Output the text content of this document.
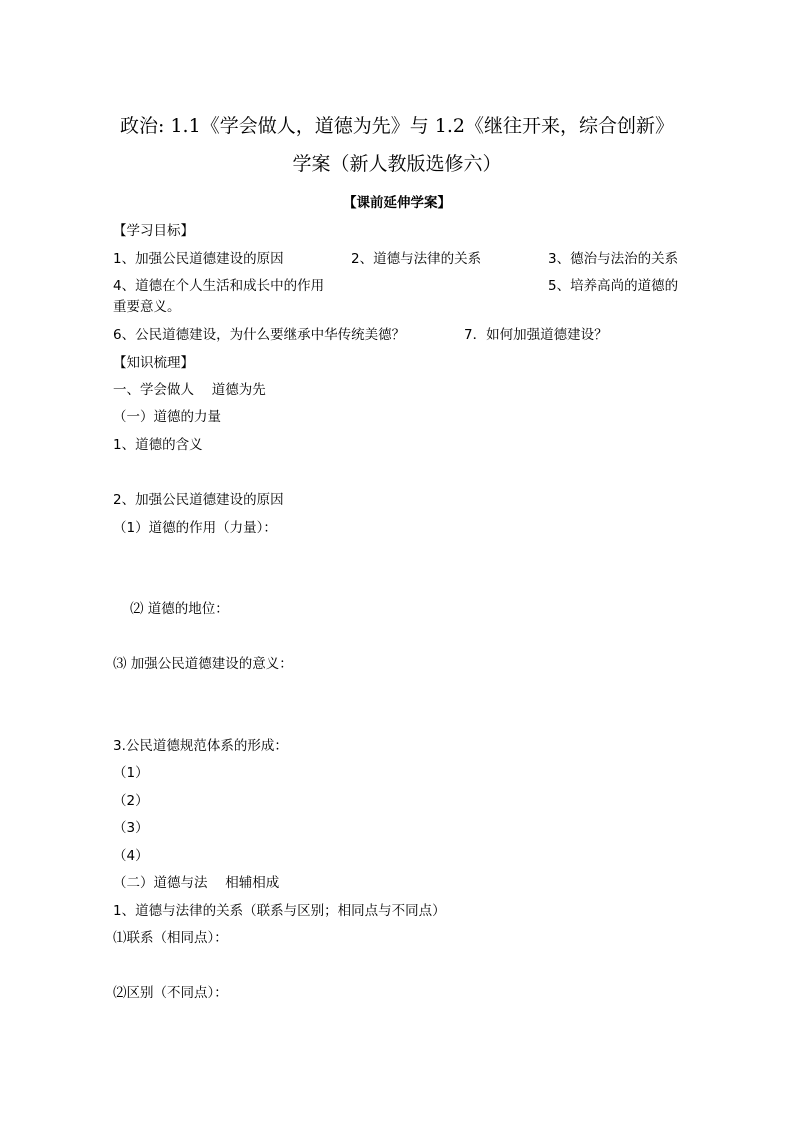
政治: 1.1《学会做人，道德为先》与 1.2《继往开来，综合创新》
学案（新人教版选修六）
【课前延伸学案】
【学习目标】
1、加强公民道德建设的原因	2、道德与法律的关系	3、德治与法治的关系
4、道德在个人生活和成长中的作用	5、培养高尚的道德的
重要意义。
6、公民道德建设，为什么要继承中华传统美德？	7．如何加强道德建设？
【知识梳理】
一、学会做人　 道德为先
（一）道德的力量
1、道德的含义
2、加强公民道德建设的原因
（1）道德的作用（力量）：
⑵ 道德的地位：
⑶ 加强公民道德建设的意义：
3.公民道德规范体系的形成：
（1）
（2）
（3）
（4）
（二）道德与法　 相辅相成
1、道德与法律的关系（联系与区别；相同点与不同点）
⑴联系（相同点）：
⑵区别（不同点）：
